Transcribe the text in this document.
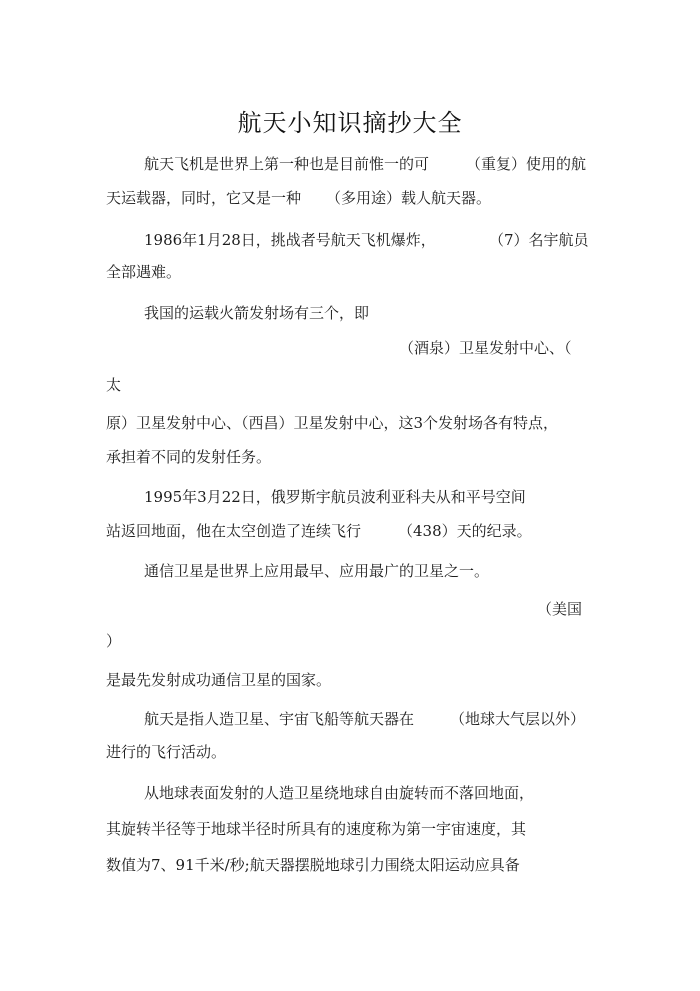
航天小知识摘抄大全
航天飞机是世界上第一种也是目前惟一的可 （重复）使用的航
天运载器，同时，它又是一种 （多用途）载人航天器。
1986年1月28日，挑战者号航天飞机爆炸，	（7）名宇航员
全部遇难。
我国的运载火箭发射场有三个，即
（酒泉）卫星发射中心、（
太
原）卫星发射中心、（西昌）卫星发射中心，这3个发射场各有特点，
承担着不同的发射任务。
1995年3月22日，俄罗斯宇航员波利亚科夫从和平号空间
站返回地面，他在太空创造了连续飞行 （438）天的纪录。
通信卫星是世界上应用最早、应用最广的卫星之一。
（美国
）
是最先发射成功通信卫星的国家。
航天是指人造卫星、宇宙飞船等航天器在 （地球大气层以外）
进行的飞行活动。
从地球表面发射的人造卫星绕地球自由旋转而不落回地面，
其旋转半径等于地球半径时所具有的速度称为第一宇宙速度，其
数值为7、91千米/秒;航天器摆脱地球引力围绕太阳运动应具备
